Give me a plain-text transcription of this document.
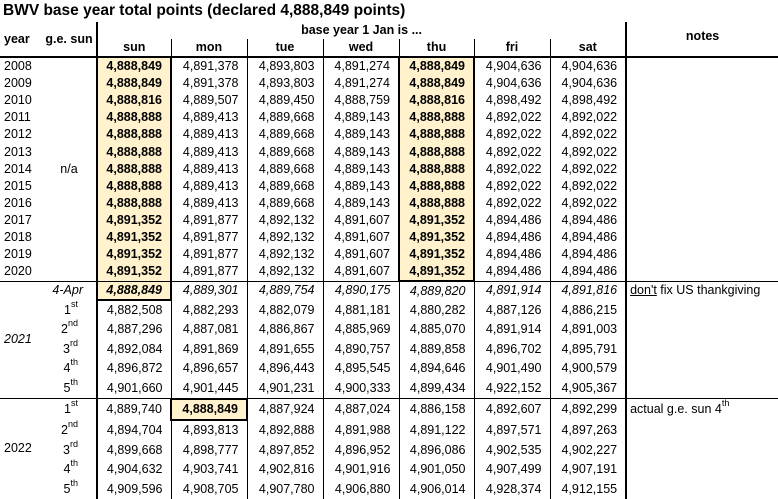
BWV base year total points (declared 4,888,849 points)
year	g.e. sun	base year 1 Jan is ...							notes
		sun	mon	tue	wed	thu	fri	sat	
2008		4,888,849	4,891,378	4,893,803	4,891,274	4,888,849	4,904,636	4,904,636	
2009		4,888,849	4,891,378	4,893,803	4,891,274	4,888,849	4,904,636	4,904,636	
2010		4,888,816	4,889,507	4,889,450	4,888,759	4,888,816	4,898,492	4,898,492	
2011		4,888,888	4,889,413	4,889,668	4,889,143	4,888,888	4,892,022	4,892,022	
2012		4,888,888	4,889,413	4,889,668	4,889,143	4,888,888	4,892,022	4,892,022	
2013		4,888,888	4,889,413	4,889,668	4,889,143	4,888,888	4,892,022	4,892,022	
2014	n/a	4,888,888	4,889,413	4,889,668	4,889,143	4,888,888	4,892,022	4,892,022	
2015		4,888,888	4,889,413	4,889,668	4,889,143	4,888,888	4,892,022	4,892,022	
2016		4,888,888	4,889,413	4,889,668	4,889,143	4,888,888	4,892,022	4,892,022	
2017		4,891,352	4,891,877	4,892,132	4,891,607	4,891,352	4,894,486	4,894,486	
2018		4,891,352	4,891,877	4,892,132	4,891,607	4,891,352	4,894,486	4,894,486	
2019		4,891,352	4,891,877	4,892,132	4,891,607	4,891,352	4,894,486	4,894,486	
2020		4,891,352	4,891,877	4,892,132	4,891,607	4,891,352	4,894,486	4,894,486	
2021	4-Apr	4,888,849	4,889,301	4,889,754	4,890,175	4,889,820	4,891,914	4,891,816	don't fix US thankgiving
	1st	4,882,508	4,882,293	4,882,079	4,881,181	4,880,282	4,887,126	4,886,215	
	2nd	4,887,296	4,887,081	4,886,867	4,885,969	4,885,070	4,891,914	4,891,003	
	3rd	4,892,084	4,891,869	4,891,655	4,890,757	4,889,858	4,896,702	4,895,791	
	4th	4,896,872	4,896,657	4,896,443	4,895,545	4,894,646	4,901,490	4,900,579	
	5th	4,901,660	4,901,445	4,901,231	4,900,333	4,899,434	4,922,152	4,905,367	
2022	1st	4,889,740	4,888,849	4,887,924	4,887,024	4,886,158	4,892,607	4,892,299	actual g.e. sun 4th
	2nd	4,894,704	4,893,813	4,892,888	4,891,988	4,891,122	4,897,571	4,897,263	
	3rd	4,899,668	4,898,777	4,897,852	4,896,952	4,896,086	4,902,535	4,902,227	
	4th	4,904,632	4,903,741	4,902,816	4,901,916	4,901,050	4,907,499	4,907,191	
	5th	4,909,596	4,908,705	4,907,780	4,906,880	4,906,014	4,928,374	4,912,155	
